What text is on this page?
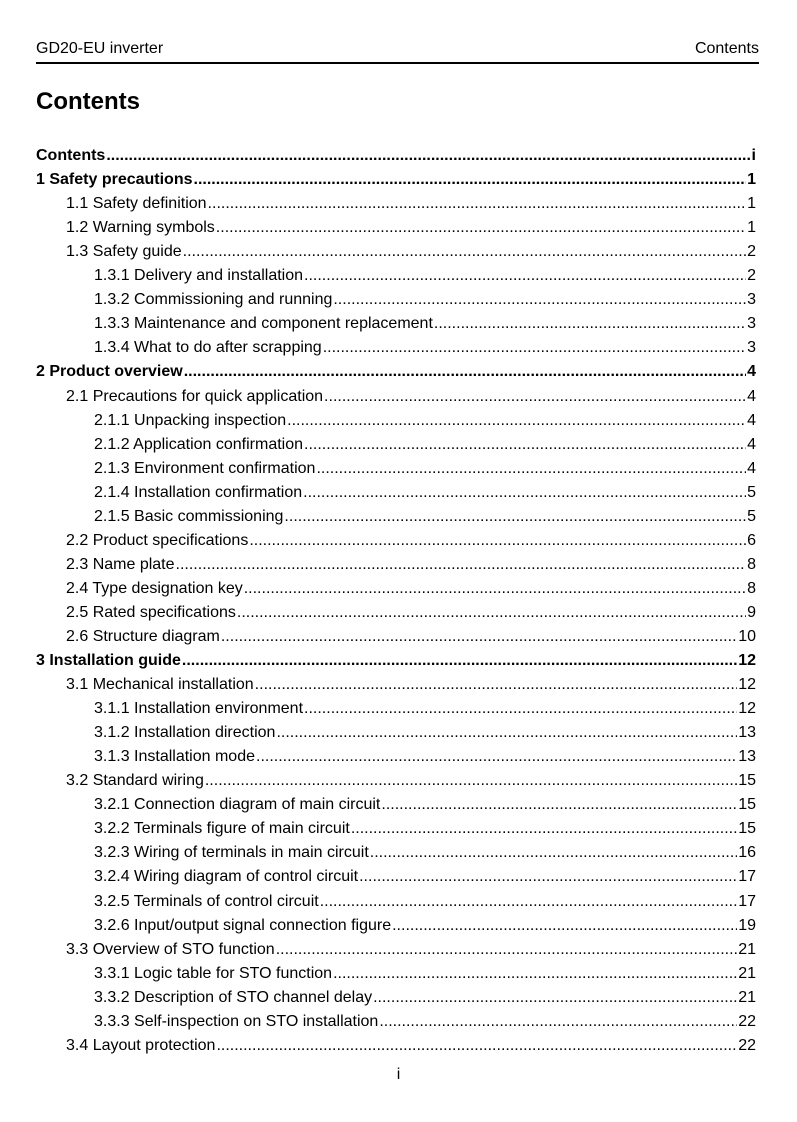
GD20-EU inverter	Contents
Contents
Contents .....	i
1 Safety precautions .....	1
1.1 Safety definition .....	1
1.2 Warning symbols .....	1
1.3 Safety guide .....	2
1.3.1 Delivery and installation .....	2
1.3.2 Commissioning and running .....	3
1.3.3 Maintenance and component replacement .....	3
1.3.4 What to do after scrapping .....	3
2 Product overview .....	4
2.1 Precautions for quick application .....	4
2.1.1 Unpacking inspection .....	4
2.1.2 Application confirmation .....	4
2.1.3 Environment confirmation .....	4
2.1.4 Installation confirmation .....	5
2.1.5 Basic commissioning .....	5
2.2 Product specifications .....	6
2.3 Name plate .....	8
2.4 Type designation key .....	8
2.5 Rated specifications .....	9
2.6 Structure diagram .....	10
3 Installation guide .....	12
3.1 Mechanical installation .....	12
3.1.1 Installation environment .....	12
3.1.2 Installation direction .....	13
3.1.3 Installation mode .....	13
3.2 Standard wiring .....	15
3.2.1 Connection diagram of main circuit .....	15
3.2.2 Terminals figure of main circuit .....	15
3.2.3 Wiring of terminals in main circuit .....	16
3.2.4 Wiring diagram of control circuit .....	17
3.2.5 Terminals of control circuit .....	17
3.2.6 Input/output signal connection figure .....	19
3.3 Overview of STO function .....	21
3.3.1 Logic table for STO function .....	21
3.3.2 Description of STO channel delay .....	21
3.3.3 Self-inspection on STO installation .....	22
3.4 Layout protection .....	22
i
